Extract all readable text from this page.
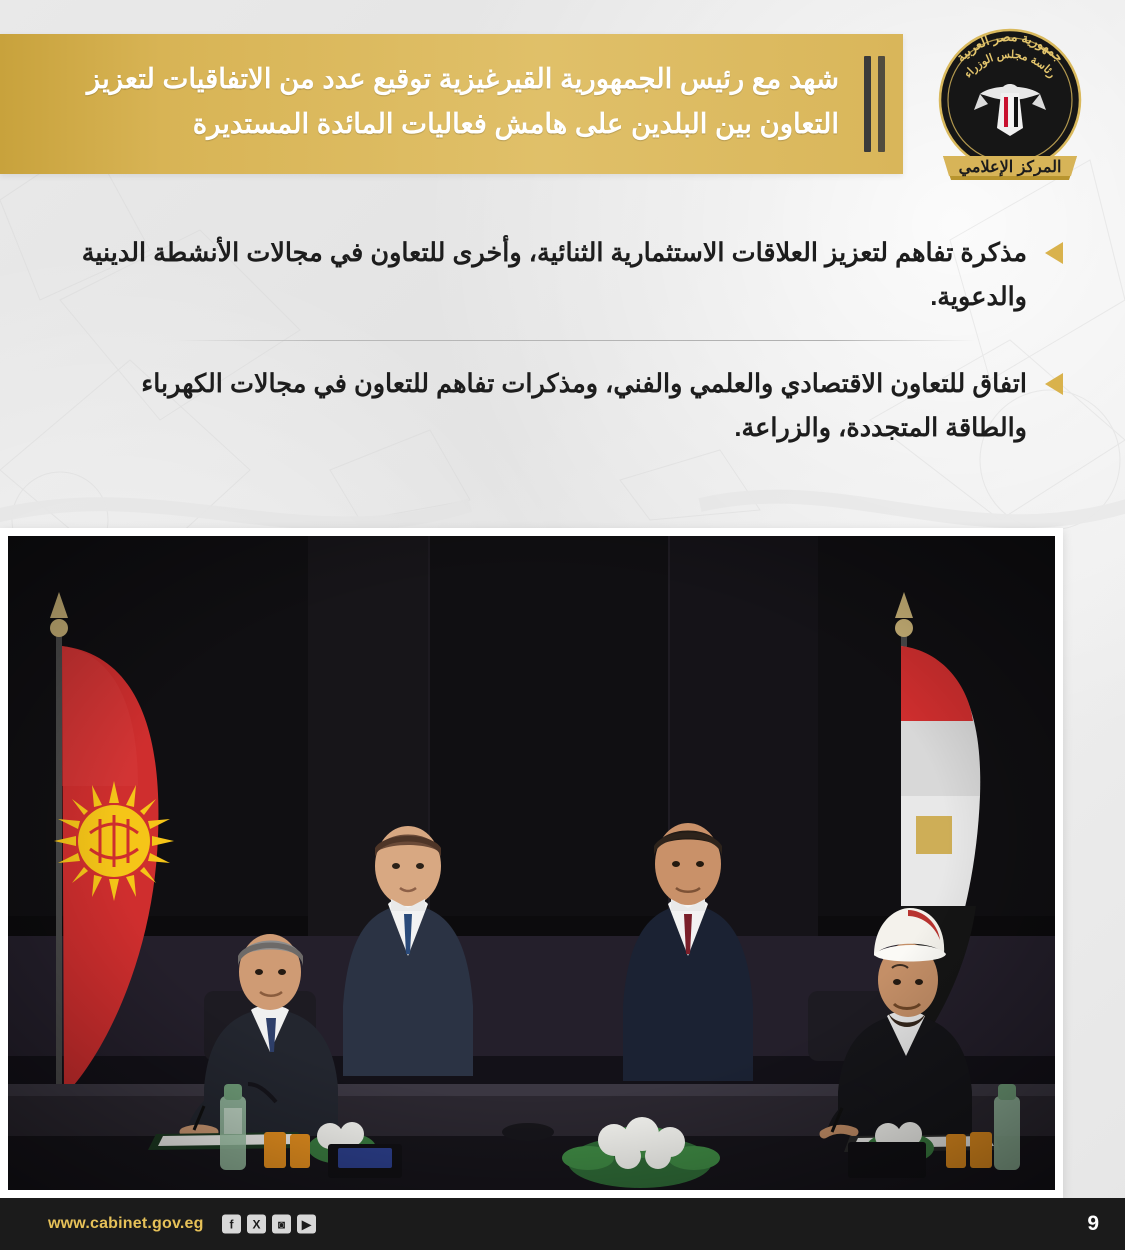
شهد مع رئيس الجمهورية القيرغيزية توقيع عدد من الاتفاقيات لتعزيز التعاون بين البلدين على هامش فعاليات المائدة المستديرة
جمهورية مصر العربية
رئاسة مجلس الوزراء
المركز الإعلامي
مذكرة تفاهم لتعزيز العلاقات الاستثمارية الثنائية، وأخرى للتعاون في مجالات الأنشطة الدينية والدعوية.
اتفاق للتعاون الاقتصادي والعلمي والفني، ومذكرات تفاهم للتعاون في مجالات الكهرباء والطاقة المتجددة، والزراعة.
www.cabinet.gov.eg	f	X	◙	▶	9
